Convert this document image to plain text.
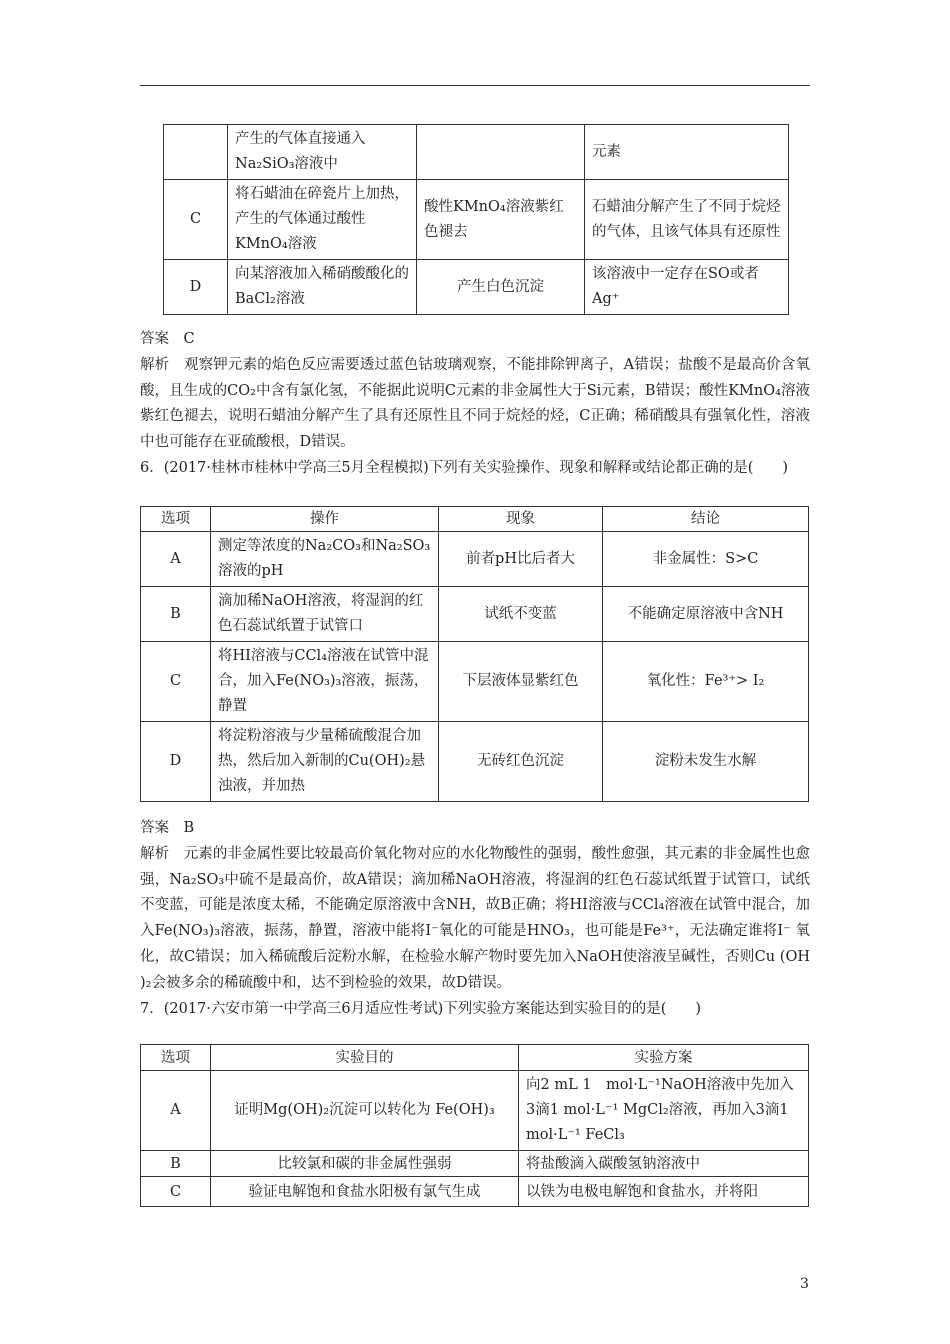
	产生的气体直接通入Na₂SiO₃溶液中		元素
C	将石蜡油在碎瓷片上加热，产生的气体通过酸性KMnO₄溶液	酸性KMnO₄溶液紫红色褪去	石蜡油分解产生了不同于烷烃的气体，且该气体具有还原性
D	向某溶液加入稀硝酸酸化的BaCl₂溶液	产生白色沉淀	该溶液中一定存在SO或者Ag⁺

答案　C

解析　观察钾元素的焰色反应需要透过蓝色钴玻璃观察，不能排除钾离子，A错误；盐酸不是最高价含氧酸，且生成的CO₂中含有氯化氢，不能据此说明C元素的非金属性大于Si元素，B错误；酸性KMnO₄溶液紫红色褪去，说明石蜡油分解产生了具有还原性且不同于烷烃的烃，C正确；稀硝酸具有强氧化性，溶液中也可能存在亚硫酸根，D错误。

6．(2017·桂林市桂林中学高三5月全程模拟)下列有关实验操作、现象和解释或结论都正确的是(　　)

选项	操作	现象	结论
A	测定等浓度的Na₂CO₃和Na₂SO₃溶液的pH	前者pH比后者大	非金属性：S>C
B	滴加稀NaOH溶液，将湿润的红色石蕊试纸置于试管口	试纸不变蓝	不能确定原溶液中含NH
C	将HI溶液与CCl₄溶液在试管中混合，加入Fe(NO₃)₃溶液，振荡，静置	下层液体显紫红色	氧化性：Fe³⁺> I₂
D	将淀粉溶液与少量稀硫酸混合加热，然后加入新制的Cu(OH)₂悬浊液，并加热	无砖红色沉淀	淀粉未发生水解

答案　B

解析　元素的非金属性要比较最高价氧化物对应的水化物酸性的强弱，酸性愈强，其元素的非金属性也愈强，Na₂SO₃中硫不是最高价，故A错误；滴加稀NaOH溶液，将湿润的红色石蕊试纸置于试管口，试纸不变蓝，可能是浓度太稀，不能确定原溶液中含NH，故B正确；将HI溶液与CCl₄溶液在试管中混合，加入Fe(NO₃)₃溶液，振荡，静置，溶液中能将I⁻氧化的可能是HNO₃，也可能是Fe³⁺，无法确定谁将I⁻ 氧化，故C错误；加入稀硫酸后淀粉水解，在检验水解产物时要先加入NaOH使溶液呈碱性，否则Cu (OH )₂会被多余的稀硫酸中和，达不到检验的效果，故D错误。

7．(2017·六安市第一中学高三6月适应性考试)下列实验方案能达到实验目的的是(　　)

选项	实验目的	实验方案
A	证明Mg(OH)₂沉淀可以转化为 Fe(OH)₃	向2 mL 1　mol·L⁻¹NaOH溶液中先加入3滴1 mol·L⁻¹ MgCl₂溶液，再加入3滴1 mol·L⁻¹ FeCl₃
B	比较氯和碳的非金属性强弱	将盐酸滴入碳酸氢钠溶液中
C	验证电解饱和食盐水阳极有氯气生成	以铁为电极电解饱和食盐水，并将阳
3
